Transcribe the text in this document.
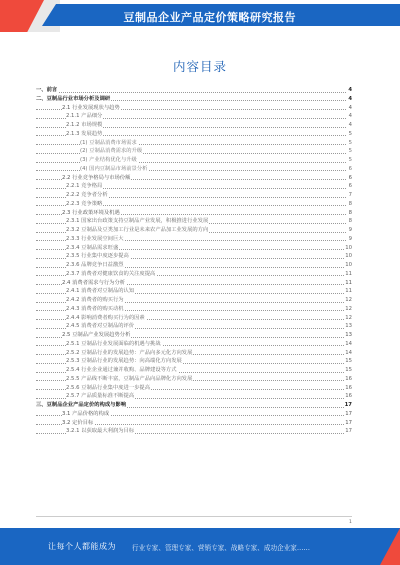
豆制品企业产品定价策略研究报告
内容目录
一、前言	4
二、豆制品行业市场分析及调研	4
2.1 行业发展现状与趋势	4
2.1.1 产品细分	4
2.1.2 市场规模	4
2.1.3 发展趋势	5
(1) 豆制品消费市场需求	5
(2) 豆制品消费需求的升级	5
(3) 产业结构优化与升级	5
(4) 国内豆制品市场前景分析	6
2.2 行业竞争格局与市场份额	6
2.2.1 竞争格局	6
2.2.2 竞争者分析	7
2.2.3 竞争策略	8
2.3 行业政策环境及机遇	8
2.3.1 国家出台政策支持豆制品产业发展，积极推进行业发展	8
2.3.2 豆制品及豆类加工行业是未来农产品加工业发展的方向	9
2.3.3 行业发展空间巨大	9
2.3.4 豆制品需求旺盛	10
2.3.5 行业集中度逐步提高	10
2.3.6 品牌竞争日益激烈	10
2.3.7 消费者对健康饮食的关注度提高	11
2.4 消费者需求与行为分析	11
2.4.1 消费者对豆制品的认知	11
2.4.2 消费者的购买行为	12
2.4.3 消费者的购买动机	12
2.4.4 影响消费者购买行为的因素	12
2.4.5 消费者对豆制品的评价	13
2.5 豆制品产业发展趋势分析	13
2.5.1 豆制品行业发展面临的机遇与挑战	14
2.5.2 豆制品行业的发展趋势：产品向多元化方向发展	14
2.5.3 豆制品行业的发展趋势：向高端化方向发展	15
2.5.4 行业企业通过兼并收购、品牌建设等方式	15
2.5.5 产品线不断丰富，豆制品产品向品牌化方向发展	16
2.5.6 豆制品行业集中度进一步提高	16
2.5.7 产品质量标准不断提高	16
三、豆制品企业产品定价的构成与影响	17
3.1 产品价格的构成	17
3.2 定价目标	17
3.2.1 以获取最大利润为目标	17
1
让每个人都能成为 行业专家、管理专家、营销专家、战略专家、成功企业家……
